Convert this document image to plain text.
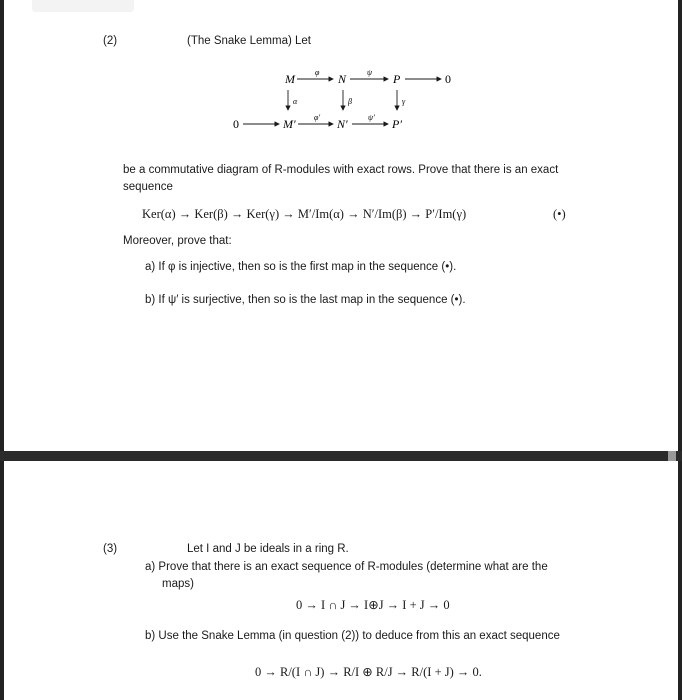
(2)	(The Snake Lemma) Let
M	φ N	ψ P	0
α	β	γ
0	M′ φ′ N′	ψ′ P′
be a commutative diagram of R-modules with exact rows. Prove that there is an exact
sequence
Ker(α) → Ker(β) → Ker(γ) → M′/Im(α) → N′/Im(β) → P′/Im(γ)	(•)
Moreover, prove that:
a) If φ is injective, then so is the first map in the sequence (•).
b) If ψ′ is surjective, then so is the last map in the sequence (•).
(3)	Let I and J be ideals in a ring R.
a) Prove that there is an exact sequence of R-modules (determine what are the
maps)
0 → I ∩ J → I⊕J → I + J → 0
b) Use the Snake Lemma (in question (2)) to deduce from this an exact sequence
0 → R/(I ∩ J) → R/I ⊕ R/J → R/(I + J) → 0.
